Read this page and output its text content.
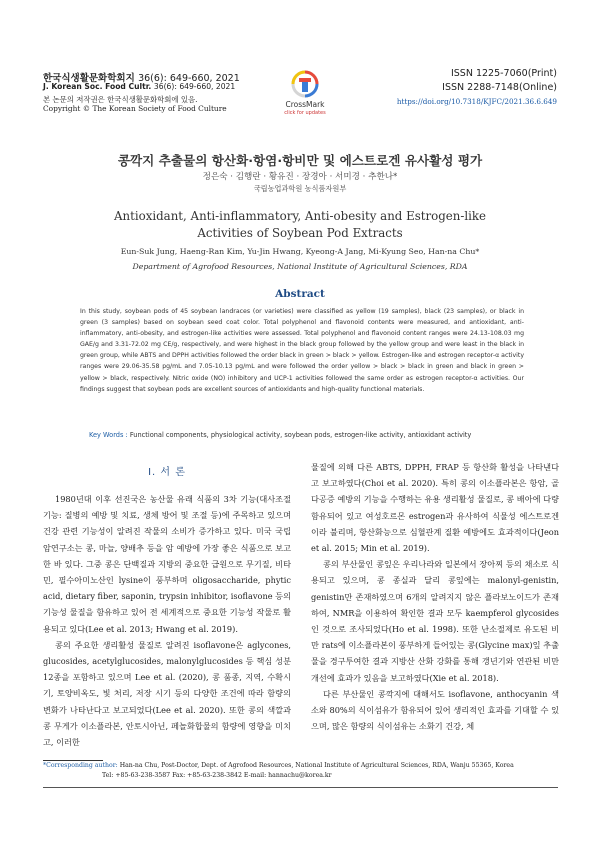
한국식생활문화학회지 36(6): 649-660, 2021
J. Korean Soc. Food Cultr. 36(6): 649-660, 2021
본 논문의 저작권은 한국식생활문화학회에 있음.
Copyright © The Korean Society of Food Culture	CrossMark
click for updates
ISSN 1225-7060(Print)
ISSN 2288-7148(Online)
https://doi.org/10.7318/KJFC/2021.36.6.649
콩깍지 추출물의 항산화·항염·항비만 및 에스트로겐 유사활성 평가
정은숙 · 김행란 · 황유진 · 장경아 · 서미경 · 추한나*
국립농업과학원 농식품자원부
Antioxidant, Anti-inflammatory, Anti-obesity and Estrogen-like
Activities of Soybean Pod Extracts
Eun-Suk Jung, Haeng-Ran Kim, Yu-Jin Hwang, Kyeong-A Jang, Mi-Kyung Seo, Han-na Chu*
Department of Agrofood Resources, National Institute of Agricultural Sciences, RDA
Abstract
In this study, soybean pods of 45 soybean landraces (or varieties) were classified as yellow (19 samples), black (23 samples), or black in green (3 samples) based on soybean seed coat color. Total polyphenol and flavonoid contents were measured, and antioxidant, anti-inflammatory, anti-obesity, and estrogen-like activities were assessed. Total polyphenol and flavonoid content ranges were 24.13-108.03 mg GAE/g and 3.31-72.02 mg CE/g, respectively, and were highest in the black group followed by the yellow group and were least in the black in green group, while ABTS and DPPH activities followed the order black in green > black > yellow. Estrogen-like and estrogen receptor-α activity ranges were 29.06-35.58 pg/mL and 7.05-10.13 pg/mL and were followed the order yellow > black > black in green and black in green > yellow > black, respectively. Nitric oxide (NO) inhibitory and UCP-1 activities followed the same order as estrogen receptor-α activities. Our findings suggest that soybean pods are excellent sources of antioxidants and high-quality functional materials.
Key Words : Functional components, physiological activity, soybean pods, estrogen-like activity, antioxidant activity
Ⅰ. 서 론

1980년대 이후 선진국은 농산물 유래 식품의 3차 기능(대사조절 기능: 질병의 예방 및 치료, 생체 방어 및 조절 등)에 주목하고 있으며 건강 관련 기능성이 알려진 작물의 소비가 증가하고 있다. 미국 국립 암연구소는 콩, 마늘, 양배추 등을 암 예방에 가장 좋은 식품으로 보고한 바 있다. 그중 콩은 단백질과 지방의 중요한 급원으로 무기질, 비타민, 필수아미노산인 lysine이 풍부하며 oligosaccharide, phytic acid, dietary fiber, saponin, trypsin inhibitor, isoflavone 등의 기능성 물질을 함유하고 있어 전 세계적으로 중요한 기능성 작물로 활용되고 있다(Lee et al. 2013; Hwang et al. 2019).

콩의 주요한 생리활성 물질로 알려진 isoflavone은 aglycones, glucosides, acetylglucosides, malonylglucosides 등 핵심 성분 12종을 포함하고 있으며 Lee et al. (2020), 콩 품종, 지역, 수확시기, 토양비옥도, 빛 처리, 저장 시기 등의 다양한 조건에 따라 함량의 변화가 나타난다고 보고되었다(Lee et al. 2020). 또한 콩의 색깔과 콩 무게가 이소플라본, 안토시아닌, 페놀화합물의 함량에 영향을 미치고, 이러한

물질에 의해 다른 ABTS, DPPH, FRAP 등 항산화 활성을 나타낸다고 보고하였다(Choi et al. 2020). 특히 콩의 이소플라본은 항암, 골다공증 예방의 기능을 수행하는 유용 생리활성 물질로, 콩 배아에 다량 함유되어 있고 여성호르몬 estrogen과 유사하여 식물성 에스트로겐이라 불리며, 항산화능으로 심혈관계 질환 예방에도 효과적이다(Jeon et al. 2015; Min et al. 2019).

콩의 부산물인 콩잎은 우리나라와 일본에서 장아찌 등의 채소로 식용되고 있으며, 콩 종실과 달리 콩잎에는 malonyl-genistin, genistin만 존재하였으며 6개의 알려지지 않은 플라보노이드가 존재하여, NMR을 이용하여 확인한 결과 모두 kaempferol glycosides인 것으로 조사되었다(Ho et al. 1998). 또한 난소절제로 유도된 비만 rats에 이소플라본이 풍부하게 들어있는 콩(Glycine max)잎 추출물을 경구투여한 결과 지방산 산화 강화를 통해 갱년기와 연관된 비만 개선에 효과가 있음을 보고하였다(Xie et al. 2018).

다른 부산물인 콩깍지에 대해서도 isoflavone, anthocyanin 색소와 80%의 식이섬유가 함유되어 있어 생리적인 효과를 기대할 수 있으며, 많은 함량의 식이섬유는 소화기 건강, 체

*Corresponding author: Han-na Chu, Post-Doctor, Dept. of Agrofood Resources, National Institute of Agricultural Sciences, RDA, Wanju 55365, Korea
Tel: +85-63-238-3587 Fax: +85-63-238-3842 E-mail: hannachu@korea.kr
